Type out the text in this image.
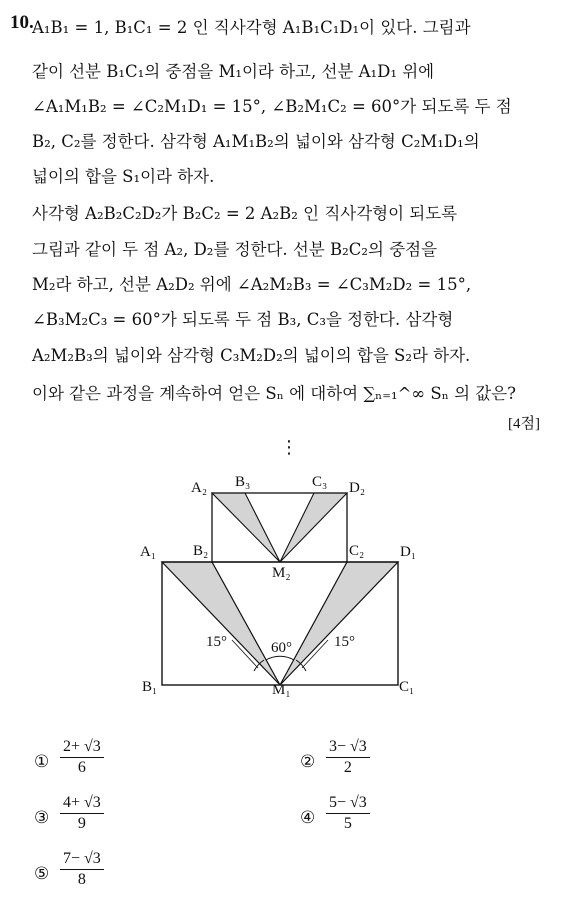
10.
A₁B₁ = 1, B₁C₁ = 2 인 직사각형 A₁B₁C₁D₁이 있다. 그림과
같이 선분 B₁C₁의 중점을 M₁이라 하고, 선분 A₁D₁ 위에
∠A₁M₁B₂ = ∠C₂M₁D₁ = 15°, ∠B₂M₁C₂ = 60°가 되도록 두 점
B₂, C₂를 정한다. 삼각형 A₁M₁B₂의 넓이와 삼각형 C₂M₁D₁의
넓이의 합을 S₁이라 하자.
사각형 A₂B₂C₂D₂가 B₂C₂ = 2 A₂B₂ 인 직사각형이 되도록
그림과 같이 두 점 A₂, D₂를 정한다. 선분 B₂C₂의 중점을
M₂라 하고, 선분 A₂D₂ 위에 ∠A₂M₂B₃ = ∠C₃M₂D₂ = 15°,
∠B₃M₂C₃ = 60°가 되도록 두 점 B₃, C₃을 정한다. 삼각형
A₂M₂B₃의 넓이와 삼각형 C₃M₂D₂의 넓이의 합을 S₂라 하자.
이와 같은 과정을 계속하여 얻은 Sₙ 에 대하여 ∑ₙ₌₁^∞ Sₙ 의 값은?
[4점]
⋮
A₁
B₁	C₁
D₁
M₁
B₂	C₂
A₂	D₂
M₂
B₃	C₃
15°	60°	15°
① $\frac{2+ √3}{6}$	② $\frac{3- √3}{2}$
③ $\frac{4+ √3}{9}$	④ $\frac{5- √3}{5}$
⑤ $\frac{7- √3}{8}$
